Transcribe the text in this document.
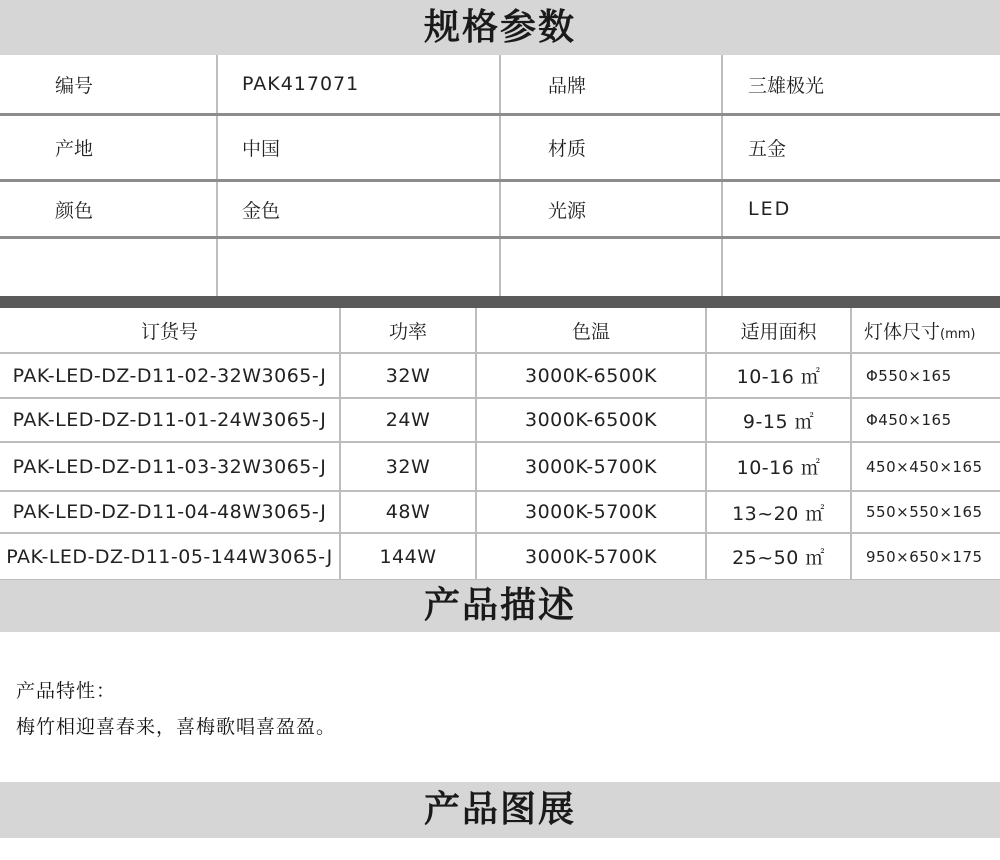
规格参数
编号	PAK417071	品牌	三雄极光
产地	中国	材质	五金
颜色	金色	光源	LED
订货号	功率	色温	适用面积	灯体尺寸(mm)
PAK-LED-DZ-D11-02-32W3065-J	32W	3000K-6500K	10-16 ㎡	Φ550×165
PAK-LED-DZ-D11-01-24W3065-J	24W	3000K-6500K	9-15 ㎡	Φ450×165
PAK-LED-DZ-D11-03-32W3065-J	32W	3000K-5700K	10-16 ㎡	450×450×165
PAK-LED-DZ-D11-04-48W3065-J	48W	3000K-5700K	13~20 ㎡	550×550×165
PAK-LED-DZ-D11-05-144W3065-J	144W	3000K-5700K	25~50 ㎡	950×650×175
产品描述
产品特性：
梅竹相迎喜春来，喜梅歌唱喜盈盈。
产品图展
